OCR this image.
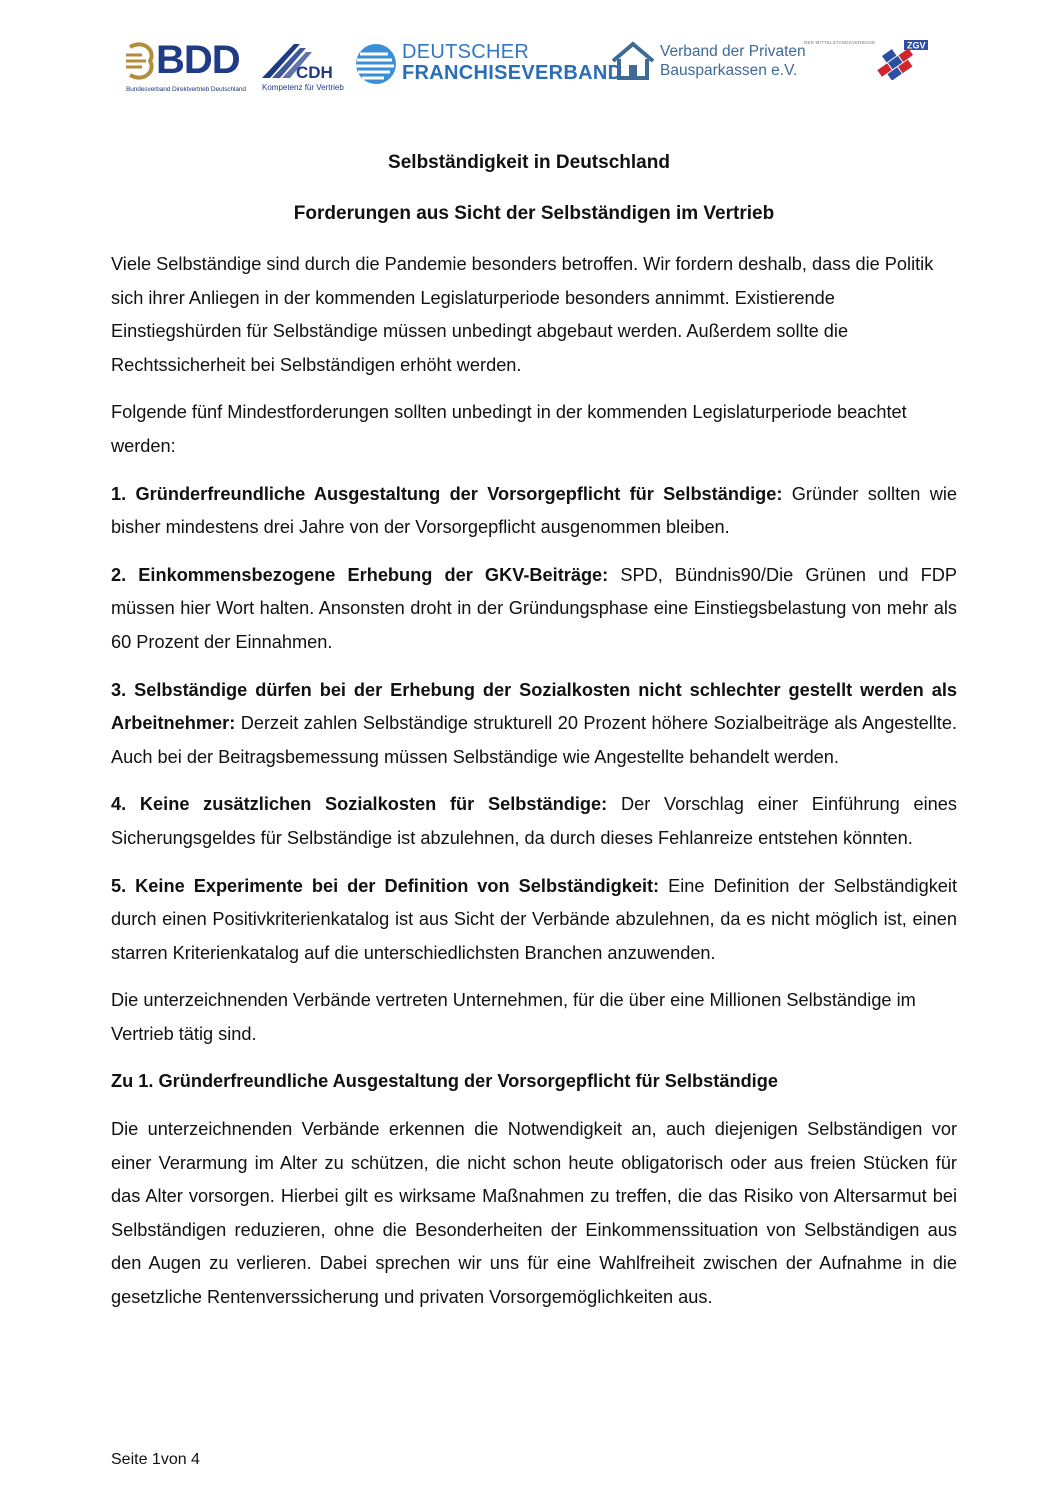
BDD
Bundesverband Direktvertrieb Deutschland
CDH
Kompetenz für Vertrieb
DEUTSCHER
FRANCHISEVERBAND
Verband der Privaten
Bausparkassen e.V.
DER MITTELSTANDSVERBUND	ZGV
Selbständigkeit in Deutschland
Forderungen aus Sicht der Selbständigen im Vertrieb

Viele Selbständige sind durch die Pandemie besonders betroffen. Wir fordern deshalb, dass die Politik sich ihrer Anliegen in der kommenden Legislaturperiode besonders annimmt. Existierende Einstiegshürden für Selbständige müssen unbedingt abgebaut werden. Außerdem sollte die Rechtssicherheit bei Selbständigen erhöht werden.

Folgende fünf Mindestforderungen sollten unbedingt in der kommenden Legislaturperiode beachtet werden:

1. Gründerfreundliche Ausgestaltung der Vorsorgepflicht für Selbständige: Gründer sollten wie bisher mindestens drei Jahre von der Vorsorgepflicht ausgenommen bleiben.

2. Einkommensbezogene Erhebung der GKV-Beiträge: SPD, Bündnis90/Die Grünen und FDP müssen hier Wort halten. Ansonsten droht in der Gründungsphase eine Einstiegsbelastung von mehr als 60 Prozent der Einnahmen.

3. Selbständige dürfen bei der Erhebung der Sozialkosten nicht schlechter gestellt werden als Arbeitnehmer: Derzeit zahlen Selbständige strukturell 20 Prozent höhere Sozialbeiträge als Angestellte. Auch bei der Beitragsbemessung müssen Selbständige wie Angestellte behandelt werden.

4. Keine zusätzlichen Sozialkosten für Selbständige: Der Vorschlag einer Einführung eines Sicherungsgeldes für Selbständige ist abzulehnen, da durch dieses Fehlanreize entstehen könnten.

5. Keine Experimente bei der Definition von Selbständigkeit: Eine Definition der Selbständigkeit durch einen Positivkriterienkatalog ist aus Sicht der Verbände abzulehnen, da es nicht möglich ist, einen starren Kriterienkatalog auf die unterschiedlichsten Branchen anzuwenden.

Die unterzeichnenden Verbände vertreten Unternehmen, für die über eine Millionen Selbständige im Vertrieb tätig sind.

Zu 1. Gründerfreundliche Ausgestaltung der Vorsorgepflicht für Selbständige

Die unterzeichnenden Verbände erkennen die Notwendigkeit an, auch diejenigen Selbständigen vor einer Verarmung im Alter zu schützen, die nicht schon heute obligatorisch oder aus freien Stücken für das Alter vorsorgen. Hierbei gilt es wirksame Maßnahmen zu treffen, die das Risiko von Altersarmut bei Selbständigen reduzieren, ohne die Besonderheiten der Einkommenssituation von Selbständigen aus den Augen zu verlieren. Dabei sprechen wir uns für eine Wahlfreiheit zwischen der Aufnahme in die gesetzliche Rentenverssicherung und privaten Vorsorgemöglichkeiten aus.

Seite 1von 4
